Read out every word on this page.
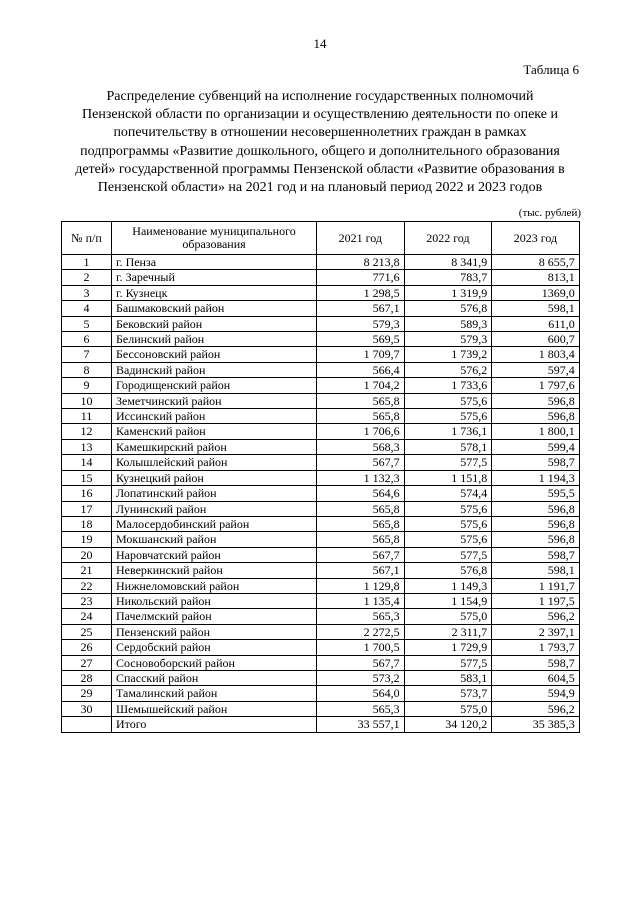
14
Таблица 6
Распределение субвенций на исполнение государственных полномочий Пензенской области по организации и осуществлению деятельности по опеке и попечительству в отношении несовершеннолетних граждан в рамках подпрограммы «Развитие дошкольного, общего и дополнительного образования детей» государственной программы Пензенской области «Развитие образования в Пензенской области» на 2021 год и на плановый период 2022 и 2023 годов
(тыс. рублей)
№ п/п	Наименование муниципального образования	2021 год	2022 год	2023 год
1	г. Пенза	8 213,8	8 341,9	8 655,7
2	г. Заречный	771,6	783,7	813,1
3	г. Кузнецк	1 298,5	1 319,9	1369,0
4	Башмаковский район	567,1	576,8	598,1
5	Бековский район	579,3	589,3	611,0
6	Белинский район	569,5	579,3	600,7
7	Бессоновский район	1 709,7	1 739,2	1 803,4
8	Вадинский район	566,4	576,2	597,4
9	Городищенский район	1 704,2	1 733,6	1 797,6
10	Земетчинский район	565,8	575,6	596,8
11	Иссинский район	565,8	575,6	596,8
12	Каменский район	1 706,6	1 736,1	1 800,1
13	Камешкирский район	568,3	578,1	599,4
14	Колышлейский район	567,7	577,5	598,7
15	Кузнецкий район	1 132,3	1 151,8	1 194,3
16	Лопатинский район	564,6	574,4	595,5
17	Лунинский район	565,8	575,6	596,8
18	Малосердобинский район	565,8	575,6	596,8
19	Мокшанский район	565,8	575,6	596,8
20	Наровчатский район	567,7	577,5	598,7
21	Неверкинский район	567,1	576,8	598,1
22	Нижнеломовский район	1 129,8	1 149,3	1 191,7
23	Никольский район	1 135,4	1 154,9	1 197,5
24	Пачелмский район	565,3	575,0	596,2
25	Пензенский район	2 272,5	2 311,7	2 397,1
26	Сердобский район	1 700,5	1 729,9	1 793,7
27	Сосновоборский район	567,7	577,5	598,7
28	Спасский район	573,2	583,1	604,5
29	Тамалинский район	564,0	573,7	594,9
30	Шемышейский район	565,3	575,0	596,2
	Итого	33 557,1	34 120,2	35 385,3
